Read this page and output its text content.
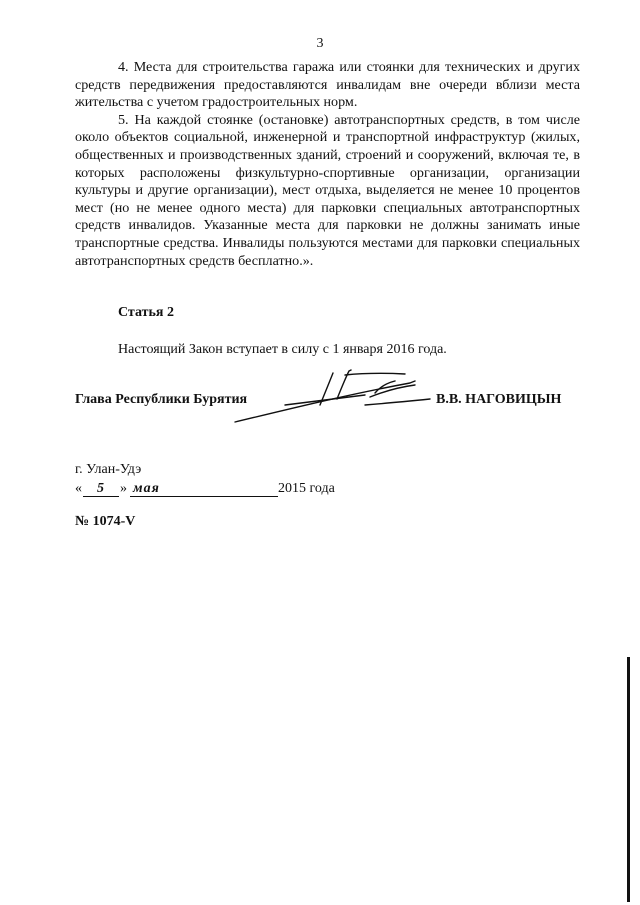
3

4. Места для строительства гаража или стоянки для технических и других средств передвижения предоставляются инвалидам вне очереди вблизи места жительства с учетом градостроительных норм.

5. На каждой стоянке (остановке) автотранспортных средств, в том числе около объектов социальной, инженерной и транспортной инфраструктур (жилых, общественных и производственных зданий, строений и сооружений, включая те, в которых расположены физкультурно-спортивные организации, организации культуры и другие организации), мест отдыха, выделяется не менее 10 процентов мест (но не менее одного места) для парковки специальных автотранспортных средств инвалидов. Указанные места для парковки не должны занимать иные транспортные средства. Инвалиды пользуются местами для парковки специальных автотранспортных средств бесплатно.».

Статья 2
Настоящий Закон вступает в силу с 1 января 2016 года.
Глава Республики Бурятия	В.В. НАГОВИЦЫН
г. Улан-Удэ
« 5 » мая	2015 года
№ 1074-V
